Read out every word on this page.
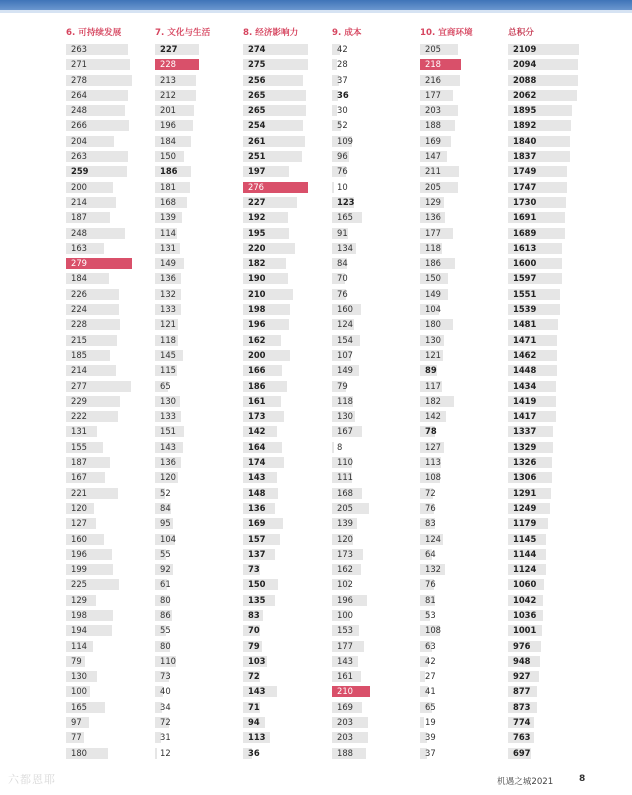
6. 可持续发展
263
271
278
264
248
266
204
263
259
200
214
187
248
163
279
184
226
224
228
215
185
214
277
229
222
131
155
187
167
221
120
127
160
196
199
225
129
198
194
114
79
130
100
165
97
77
180
7. 文化与生活
227
228
213
212
201
196
184
150
186
181
168
139
114
131
149
136
132
133
121
118
145
115
65
130
133
151
143
136
120
52
84
95
104
55
92
61
80
86
55
80
110
73
40
34
72
31
12
8. 经济影响力
274
275
256
265
265
254
261
251
197
276
227
192
195
220
182
190
210
198
196
162
200
166
186
161
173
142
164
174
143
148
136
169
157
137
73
150
135
83
70
79
103
72
143
71
94
113
36
9. 成本
42
28
37
36
30
52
109
96
76
10
123
165
91
134
84
70
76
160
124
154
107
149
79
118
130
167
8
110
111
168
205
139
120
173
162
102
196
100
153
177
143
161
210
169
203
203
188
10. 宜商环境
205
218
216
177
203
188
169
147
211
205
129
136
177
118
186
150
149
104
180
130
121
89
117
182
142
78
127
113
108
72
76
83
124
64
132
76
81
53
108
63
42
27
41
65
19
39
37
总积分
2109
2094
2088
2062
1895
1892
1840
1837
1749
1747
1730
1691
1689
1613
1600
1597
1551
1539
1481
1471
1462
1448
1434
1419
1417
1337
1329
1326
1306
1291
1249
1179
1145
1144
1124
1060
1042
1036
1001
976
948
927
877
873
774
763
697
六都恩耶	机遇之城2021	8
